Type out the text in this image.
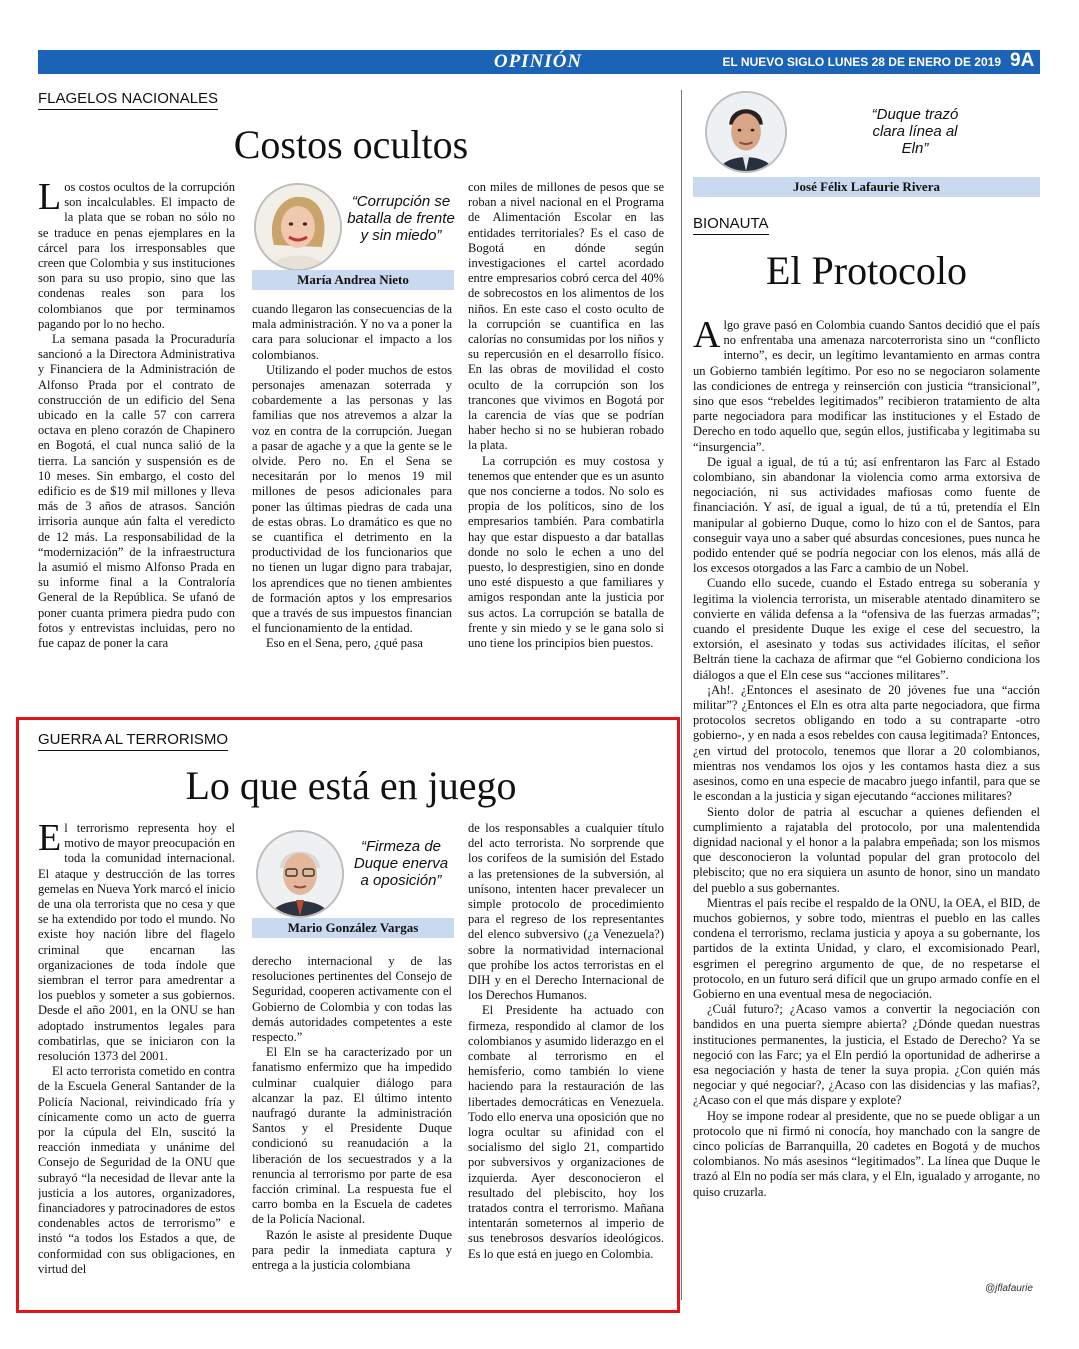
OPINIÓN	EL NUEVO SIGLO LUNES 28 DE ENERO DE 2019 9A
FLAGELOS NACIONALES
Costos ocultos
L os costos ocultos de la corrupción son incalculables. El impacto de la plata que se roban no sólo no se traduce en penas ejemplares en la cárcel para los irresponsables que creen que Colombia y sus instituciones son para su uso propio, sino que las condenas reales son para los colombianos que por terminamos pagando por lo no hecho.

La semana pasada la Procuraduría sancionó a la Directora Administrativa y Financiera de la Administración de Alfonso Prada por el contrato de construcción de un edificio del Sena ubicado en la calle 57 con carrera octava en pleno corazón de Chapinero en Bogotá, el cual nunca salió de la tierra. La sanción y suspensión es de 10 meses. Sin embargo, el costo del edificio es de $19 mil millones y lleva más de 3 años de atrasos. Sanción irrisoria aunque aún falta el veredicto de 12 más. La responsabilidad de la “modernización” de la infraestructura la asumió el mismo Alfonso Prada en su informe final a la Contraloría General de la República. Se ufanó de poner cuanta primera piedra pudo con fotos y entrevistas incluidas, pero no fue capaz de poner la cara

“Corrupción se batalla de frente y sin miedo”
María Andrea Nieto

cuando llegaron las consecuencias de la mala administración. Y no va a poner la cara para solucionar el impacto a los colombianos.

Utilizando el poder muchos de estos personajes amenazan soterrada y cobardemente a las personas y las familias que nos atrevemos a alzar la voz en contra de la corrupción. Juegan a pasar de agache y a que la gente se le olvide. Pero no. En el Sena se necesitarán por lo menos 19 mil millones de pesos adicionales para poner las últimas piedras de cada una de estas obras. Lo dramático es que no se cuantifica el detrimento en la productividad de los funcionarios que no tienen un lugar digno para trabajar, los aprendices que no tienen ambientes de formación aptos y los empresarios que a través de sus impuestos financian el funcionamiento de la entidad.

Eso en el Sena, pero, ¿qué pasa

con miles de millones de pesos que se roban a nivel nacional en el Programa de Alimentación Escolar en las entidades territoriales? Es el caso de Bogotá en dónde según investigaciones el cartel acordado entre empresarios cobró cerca del 40% de sobrecostos en los alimentos de los niños. En este caso el costo oculto de la corrupción se cuantifica en las calorías no consumidas por los niños y su repercusión en el desarrollo físico. En las obras de movilidad el costo oculto de la corrupción son los trancones que vivimos en Bogotá por la carencia de vías que se podrían haber hecho si no se hubieran robado la plata.

La corrupción es muy costosa y tenemos que entender que es un asunto que nos concierne a todos. No solo es propia de los políticos, sino de los empresarios también. Para combatirla hay que estar dispuesto a dar batallas donde no solo le echen a uno del puesto, lo desprestigien, sino en donde uno esté dispuesto a que familiares y amigos respondan ante la justicia por sus actos. La corrupción se batalla de frente y sin miedo y se le gana solo si uno tiene los principios bien puestos.

GUERRA AL TERRORISMO
Lo que está en juego
E l terrorismo representa hoy el motivo de mayor preocupación en toda la comunidad internacional. El ataque y destrucción de las torres gemelas en Nueva York marcó el inicio de una ola terrorista que no cesa y que se ha extendido por todo el mundo. No existe hoy nación libre del flagelo criminal que encarnan las organizaciones de toda índole que siembran el terror para amedrentar a los pueblos y someter a sus gobiernos. Desde el año 2001, en la ONU se han adoptado instrumentos legales para combatirlas, que se iniciaron con la resolución 1373 del 2001.

El acto terrorista cometido en contra de la Escuela General Santander de la Policía Nacional, reivindicado fría y cínicamente como un acto de guerra por la cúpula del Eln, suscitó la reacción inmediata y unánime del Consejo de Seguridad de la ONU que subrayó “la necesidad de llevar ante la justicia a los autores, organizadores, financiadores y patrocinadores de estos condenables actos de terrorismo” e instó “a todos los Estados a que, de conformidad con sus obligaciones, en virtud del

“Firmeza de Duque enerva a oposición”
Mario González Vargas

derecho internacional y de las resoluciones pertinentes del Consejo de Seguridad, cooperen activamente con el Gobierno de Colombia y con todas las demás autoridades competentes a este respecto.”

El Eln se ha caracterizado por un fanatismo enfermizo que ha impedido culminar cualquier diálogo para alcanzar la paz. El último intento naufragó durante la administración Santos y el Presidente Duque condicionó su reanudación a la liberación de los secuestrados y a la renuncia al terrorismo por parte de esa facción criminal. La respuesta fue el carro bomba en la Escuela de cadetes de la Policía Nacional.

Razón le asiste al presidente Duque para pedir la inmediata captura y entrega a la justicia colombiana

de los responsables a cualquier título del acto terrorista. No sorprende que los corifeos de la sumisión del Estado a las pretensiones de la subversión, al unísono, intenten hacer prevalecer un simple protocolo de procedimiento para el regreso de los representantes del elenco subversivo (¿a Venezuela?) sobre la normatividad internacional que prohíbe los actos terroristas en el DIH y en el Derecho Internacional de los Derechos Humanos.

El Presidente ha actuado con firmeza, respondido al clamor de los colombianos y asumido liderazgo en el combate al terrorismo en el hemisferio, como también lo viene haciendo para la restauración de las libertades democráticas en Venezuela. Todo ello enerva una oposición que no logra ocultar su afinidad con el socialismo del siglo 21, compartido por subversivos y organizaciones de izquierda. Ayer desconocieron el resultado del plebiscito, hoy los tratados contra el terrorismo. Mañana intentarán someternos al imperio de sus tenebrosos desvaríos ideológicos. Es lo que está en juego en Colombia.

“Duque trazó clara línea al Eln”
José Félix Lafaurie Rivera
BIONAUTA
El Protocolo
A lgo grave pasó en Colombia cuando Santos decidió que el país no enfrentaba una amenaza narcoterrorista sino un “conflicto interno”, es decir, un legítimo levantamiento en armas contra un Gobierno también legítimo. Por eso no se negociaron solamente las condiciones de entrega y reinserción con justicia “transicional”, sino que esos “rebeldes legitimados” recibieron tratamiento de alta parte negociadora para modificar las instituciones y el Estado de Derecho en todo aquello que, según ellos, justificaba y legitimaba su “insurgencia”.

De igual a igual, de tú a tú; así enfrentaron las Farc al Estado colombiano, sin abandonar la violencia como arma extorsiva de negociación, ni sus actividades mafiosas como fuente de financiación. Y así, de igual a igual, de tú a tú, pretendía el Eln manipular al gobierno Duque, como lo hizo con el de Santos, para conseguir vaya uno a saber qué absurdas concesiones, pues nunca he podido entender qué se podría negociar con los elenos, más allá de los excesos otorgados a las Farc a cambio de un Nobel.

Cuando ello sucede, cuando el Estado entrega su soberanía y legitima la violencia terrorista, un miserable atentado dinamitero se convierte en válida defensa a la “ofensiva de las fuerzas armadas”; cuando el presidente Duque les exige el cese del secuestro, la extorsión, el asesinato y todas sus actividades ilícitas, el señor Beltrán tiene la cachaza de afirmar que “el Gobierno condiciona los diálogos a que el Eln cese sus “acciones militares”.

¡Ah!. ¿Entonces el asesinato de 20 jóvenes fue una “acción militar”? ¿Entonces el Eln es otra alta parte negociadora, que firma protocolos secretos obligando en todo a su contraparte -otro gobierno-, y en nada a esos rebeldes con causa legitimada? Entonces, ¿en virtud del protocolo, tenemos que llorar a 20 colombianos, mientras nos vendamos los ojos y les contamos hasta diez a sus asesinos, como en una especie de macabro juego infantil, para que se le escondan a la justicia y sigan ejecutando “acciones militares?

Siento dolor de patria al escuchar a quienes defienden el cumplimiento a rajatabla del protocolo, por una malentendida dignidad nacional y el honor a la palabra empeñada; son los mismos que desconocieron la voluntad popular del gran protocolo del plebiscito; que no era siquiera un asunto de honor, sino un mandato del pueblo a sus gobernantes.

Mientras el país recibe el respaldo de la ONU, la OEA, el BID, de muchos gobiernos, y sobre todo, mientras el pueblo en las calles condena el terrorismo, reclama justicia y apoya a su gobernante, los partidos de la extinta Unidad, y claro, el excomisionado Pearl, esgrimen el peregrino argumento de que, de no respetarse el protocolo, en un futuro será difícil que un grupo armado confíe en el Gobierno en una eventual mesa de negociación.

¿Cuál futuro?; ¿Acaso vamos a convertir la negociación con bandidos en una puerta siempre abierta? ¿Dónde quedan nuestras instituciones permanentes, la justicia, el Estado de Derecho? Ya se negoció con las Farc; ya el Eln perdió la oportunidad de adherirse a esa negociación y hasta de tener la suya propia. ¿Con quién más negociar y qué negociar?, ¿Acaso con las disidencias y las mafias?, ¿Acaso con el que más dispare y explote?

Hoy se impone rodear al presidente, que no se puede obligar a un protocolo que ni firmó ni conocía, hoy manchado con la sangre de cinco policías de Barranquilla, 20 cadetes en Bogotá y de muchos colombianos. No más asesinos “legitimados”. La línea que Duque le trazó al Eln no podía ser más clara, y el Eln, igualado y arrogante, no quiso cruzarla.

@jflafaurie
